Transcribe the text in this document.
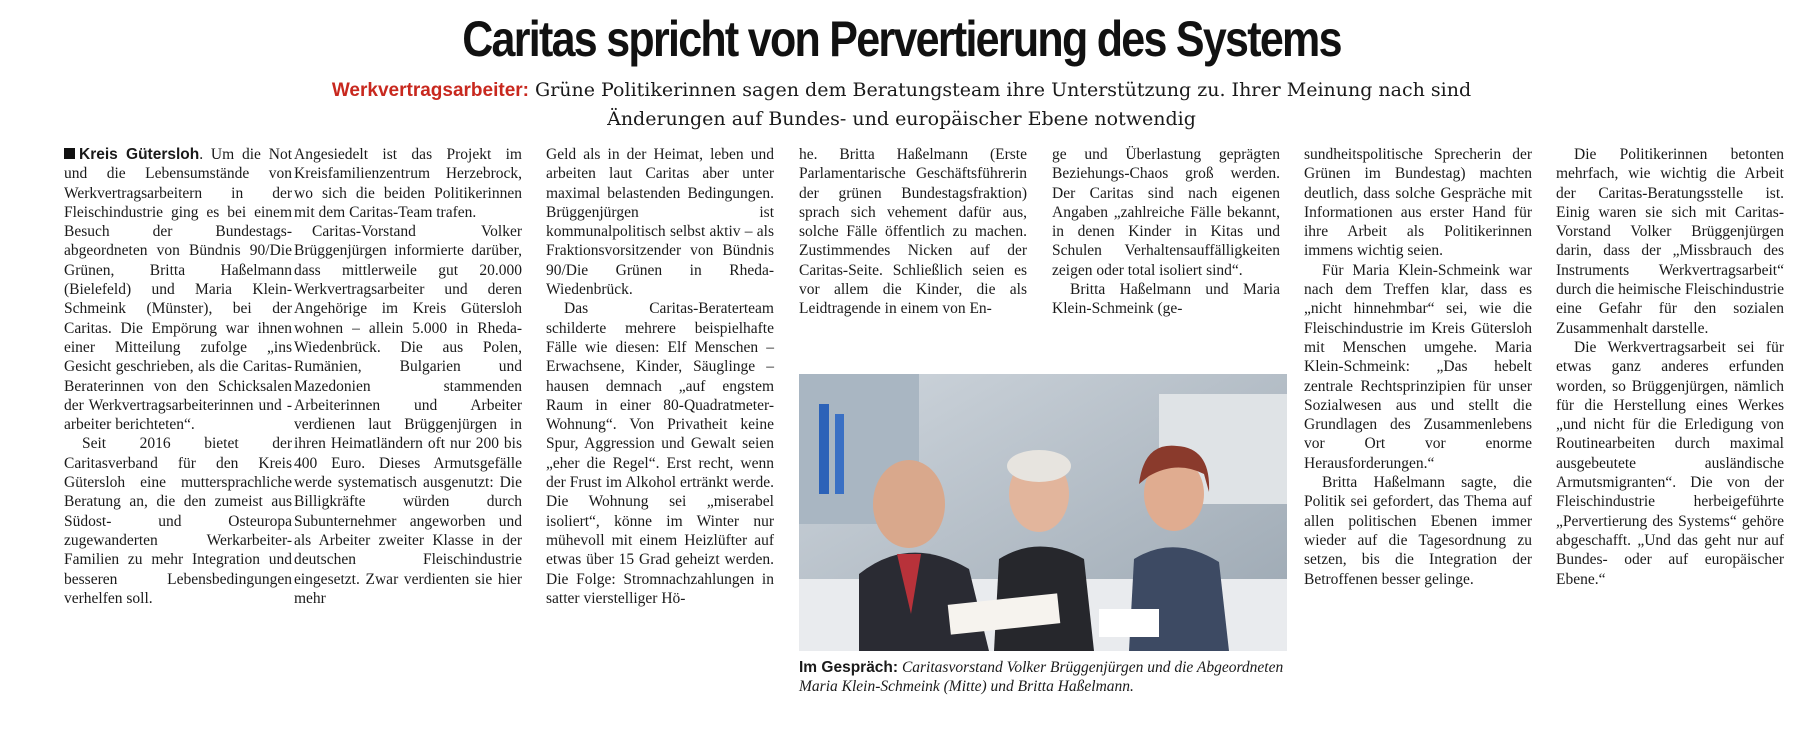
Caritas spricht von Pervertierung des Systems
Werkvertragsarbeiter: Grüne Politikerinnen sagen dem Beratungsteam ihre Unterstützung zu. Ihrer Meinung nach sind Änderungen auf Bundes- und europäischer Ebene notwendig

Kreis Gütersloh. Um die Not und die Lebensumstände von Werkvertragsarbeitern in der Fleischindustrie ging es bei einem Besuch der Bundestagsabgeordneten von Bündnis 90/Die Grünen, Britta Haßelmann (Bielefeld) und Maria Klein-Schmeink (Münster), bei der Caritas. Die Empörung war ihnen einer Mitteilung zufolge „ins Gesicht geschrieben, als die Caritas-Beraterinnen von den Schicksalen der Werkvertragsarbeiterinnen und -arbeiter berichteten“.

Seit 2016 bietet der Caritasverband für den Kreis Gütersloh eine muttersprachliche Beratung an, die den zumeist aus Südost- und Osteuropa zugewanderten Werkarbeiter-Familien zu mehr Integration und besseren Lebensbedingungen verhelfen soll.

Angesiedelt ist das Projekt im Kreisfamilienzentrum Herzebrock, wo sich die beiden Politikerinnen mit dem Caritas-Team trafen.

Caritas-Vorstand Volker Brüggenjürgen informierte darüber, dass mittlerweile gut 20.000 Werkvertragsarbeiter und deren Angehörige im Kreis Gütersloh wohnen – allein 5.000 in Rheda-Wiedenbrück. Die aus Polen, Rumänien, Bulgarien und Mazedonien stammenden Arbeiterinnen und Arbeiter verdienen laut Brüggenjürgen in ihren Heimatländern oft nur 200 bis 400 Euro. Dieses Armutsgefälle werde systematisch ausgenutzt: Die Billigkräfte würden durch Subunternehmer angeworben und als Arbeiter zweiter Klasse in der deutschen Fleischindustrie eingesetzt. Zwar verdienten sie hier mehr

Geld als in der Heimat, leben und arbeiten laut Caritas aber unter maximal belastenden Bedingungen. Brüggenjürgen ist kommunalpolitisch selbst aktiv – als Fraktionsvorsitzender von Bündnis 90/Die Grünen in Rheda-Wiedenbrück.

Das Caritas-Beraterteam schilderte mehrere beispielhafte Fälle wie diesen: Elf Menschen – Erwachsene, Kinder, Säuglinge – hausen demnach „auf engstem Raum in einer 80-Quadratmeter-Wohnung“. Von Privatheit keine Spur, Aggression und Gewalt seien „eher die Regel“. Erst recht, wenn der Frust im Alkohol ertränkt werde. Die Wohnung sei „miserabel isoliert“, könne im Winter nur mühevoll mit einem Heizlüfter auf etwas über 15 Grad geheizt werden. Die Folge: Stromnachzahlungen in satter vierstelliger Hö-

he. Britta Haßelmann (Erste Parlamentarische Geschäftsführerin der grünen Bundestagsfraktion) sprach sich vehement dafür aus, solche Fälle öffentlich zu machen. Zustimmendes Nicken auf der Caritas-Seite. Schließlich seien es vor allem die Kinder, die als Leidtragende in einem von En-

ge und Überlastung geprägten Beziehungs-Chaos groß werden. Der Caritas sind nach eigenen Angaben „zahlreiche Fälle bekannt, in denen Kinder in Kitas und Schulen Verhaltensauffälligkeiten zeigen oder total isoliert sind“.

Britta Haßelmann und Maria Klein-Schmeink (ge-

Im Gespräch: Caritasvorstand Volker Brüggenjürgen und die Abgeordneten Maria Klein-Schmeink (Mitte) und Britta Haßelmann.

sundheitspolitische Sprecherin der Grünen im Bundestag) machten deutlich, dass solche Gespräche mit Informationen aus erster Hand für ihre Arbeit als Politikerinnen immens wichtig seien.

Für Maria Klein-Schmeink war nach dem Treffen klar, dass es „nicht hinnehmbar“ sei, wie die Fleischindustrie im Kreis Gütersloh mit Menschen umgehe. Maria Klein-Schmeink: „Das hebelt zentrale Rechtsprinzipien für unser Sozialwesen aus und stellt die Grundlagen des Zusammenlebens vor Ort vor enorme Herausforderungen.“

Britta Haßelmann sagte, die Politik sei gefordert, das Thema auf allen politischen Ebenen immer wieder auf die Tagesordnung zu setzen, bis die Integration der Betroffenen besser gelinge.

Die Politikerinnen betonten mehrfach, wie wichtig die Arbeit der Caritas-Beratungsstelle ist. Einig waren sie sich mit Caritas-Vorstand Volker Brüggenjürgen darin, dass der „Missbrauch des Instruments Werkvertragsarbeit“ durch die heimische Fleischindustrie eine Gefahr für den sozialen Zusammenhalt darstelle.

Die Werkvertragsarbeit sei für etwas ganz anderes erfunden worden, so Brüggenjürgen, nämlich für die Herstellung eines Werkes „und nicht für die Erledigung von Routinearbeiten durch maximal ausgebeutete ausländische Armutsmigranten“. Die von der Fleischindustrie herbeigeführte „Pervertierung des Systems“ gehöre abgeschafft. „Und das geht nur auf Bundes- oder auf europäischer Ebene.“
